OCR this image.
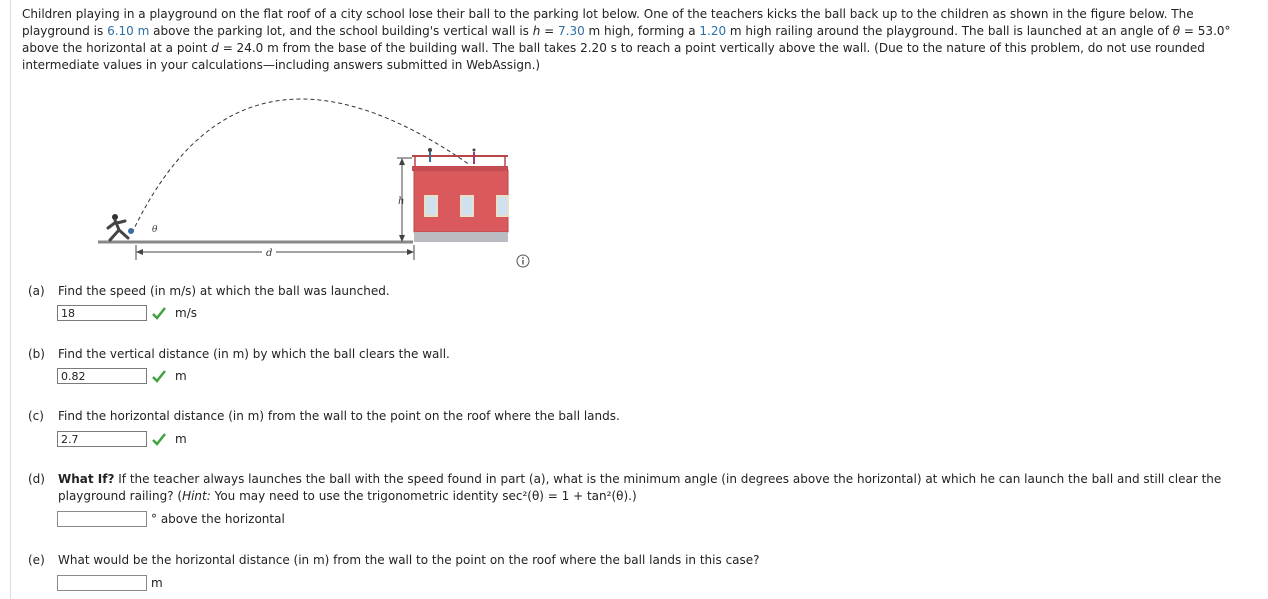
Children playing in a playground on the flat roof of a city school lose their ball to the parking lot below. One of the teachers kicks the ball back up to the children as shown in the figure below. The playground is 6.10 m above the parking lot, and the school building's vertical wall is h = 7.30 m high, forming a 1.20 m high railing around the playground. The ball is launched at an angle of θ = 53.0° above the horizontal at a point d = 24.0 m from the base of the building wall. The ball takes 2.20 s to reach a point vertically above the wall. (Due to the nature of this problem, do not use rounded intermediate values in your calculations—including answers submitted in WebAssign.)

h
d
θ
(a) Find the speed (in m/s) at which the ball was launched.
18
m/s
(b) Find the vertical distance (in m) by which the ball clears the wall.
0.82
m
(c) Find the horizontal distance (in m) from the wall to the point on the roof where the ball lands.
2.7
m
(d) What If? If the teacher always launches the ball with the speed found in part (a), what is the minimum angle (in degrees above the horizontal) at which he can launch the ball and still clear the
playground railing? (Hint: You may need to use the trigonometric identity sec²(θ) = 1 + tan²(θ).)
° above the horizontal
(e) What would be the horizontal distance (in m) from the wall to the point on the roof where the ball lands in this case?
m
